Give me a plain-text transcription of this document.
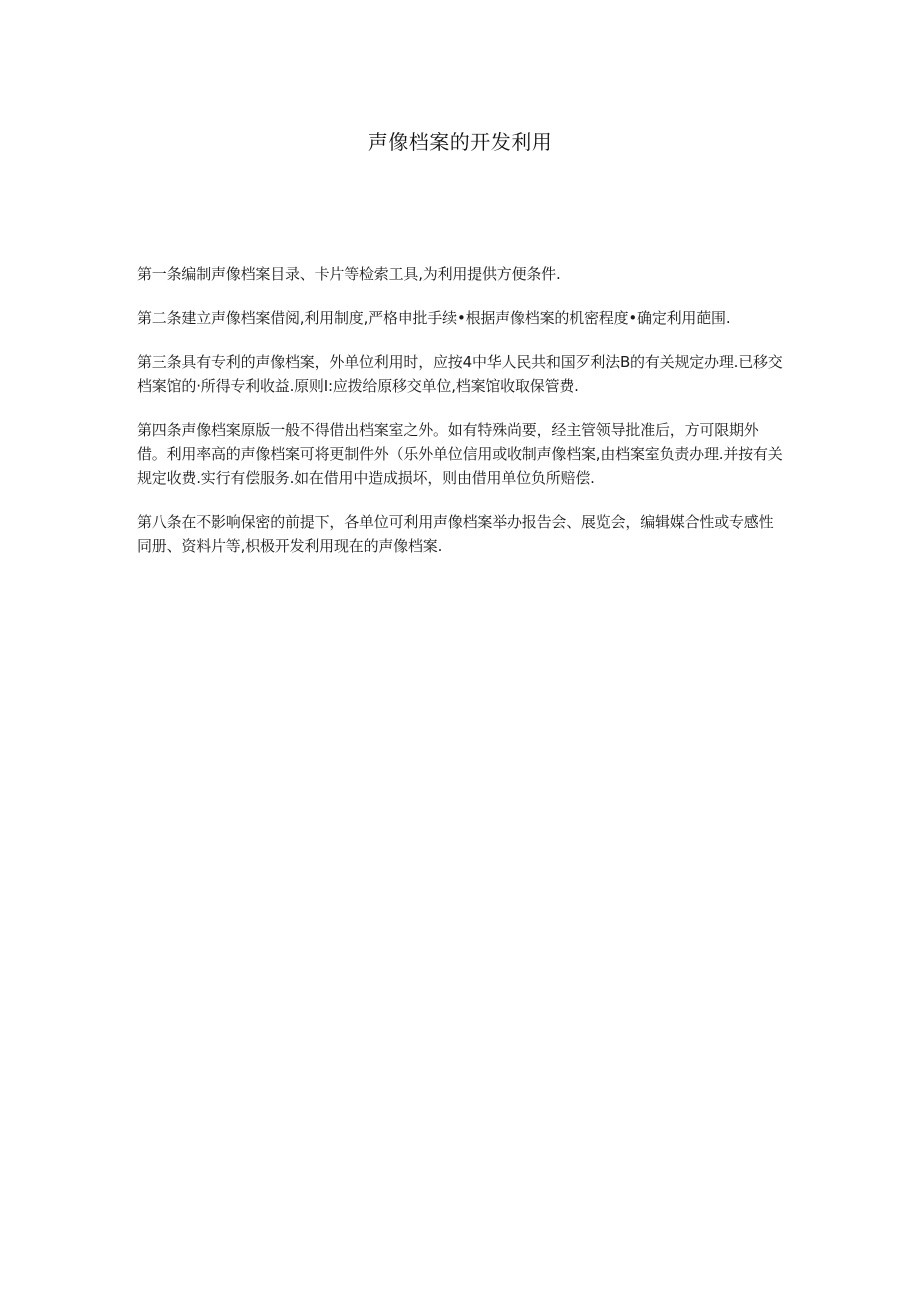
声像档案的开发利用

第一条编制声像档案目录、卡片等检索工具,为利用提供方便条件.

第二条建立声像档案借阅,利用制度,严格申批手续•根据声像档案的机密程度•确定利用葩围.

第三条具有专利的声像档案，外单位利用时，应按4中华人民共和国歹利法B的有关规定办理.已移交档案馆的·所得专利收益.原则I:应拨给原移交单位,档案馆收取保管费.

第四条声像档案原版一般不得借出档案室之外。如有特殊尚要，经主管领导批准后，方可限期外借。利用率高的声像档案可将更制件外（乐外单位信用或收制声像档案,由档案室负责办理.并按有关规定收费.实行有偿服务.如在借用中造成损坏，则由借用单位负所赔偿.

第八条在不影响保密的前提下，各单位可利用声像档案举办报告会、展览会，编辑媒合性或专感性同册、资料片等,枳极开发利用现在的声像档案.
